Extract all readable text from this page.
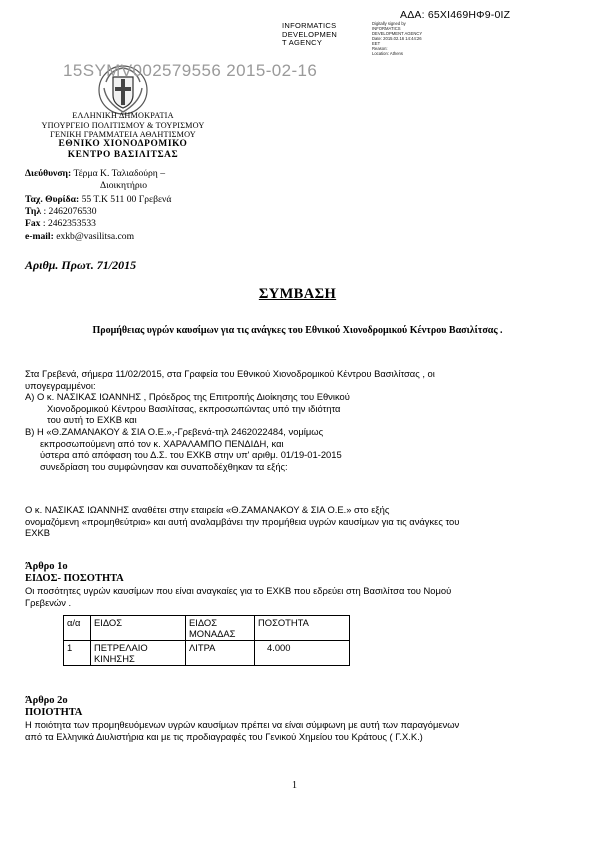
ΑΔΑ: 65ΧΙ469ΗΦ9-0ΙΖ
INFORMATICS
DEVELOPMEN
T AGENCY
Digitally signed by
INFORMATICS
DEVELOPMENT AGENCY
Date: 2015.02.16 14:44:26
EET
Reason:
Location: Athens
15SYMV002579556 2015-02-16
ΕΛΛΗΝΙΚΗ ΔΗΜΟΚΡΑΤΙΑ
ΥΠΟΥΡΓΕΙΟ ΠΟΛΙΤΙΣΜΟΥ & ΤΟΥΡΙΣΜΟΥ
ΓΕΝΙΚΗ ΓΡΑΜΜΑΤΕΙΑ ΑΘΛΗΤΙΣΜΟΥ
ΕΘΝΙΚΟ ΧΙΟΝΟΔΡΟΜΙΚΟ
ΚΕΝΤΡΟ ΒΑΣΙΛΙΤΣΑΣ
Διεύθυνση: Τέρμα Κ. Ταλιαδούρη –
Διοικητήριο
Ταχ. Θυρίδα: 55 Τ.Κ 511 00 Γρεβενά
Τηλ : 2462076530
Fax : 2462353533
e-mail: exkb@vasilitsa.com
Αριθμ. Πρωτ. 71/2015
ΣΥΜΒΑΣΗ
Προμήθειας υγρών καυσίμων για τις ανάγκες του Εθνικού Χιονοδρομικού Κέντρου Βασιλίτσας .
Στα Γρεβενά, σήμερα 11/02/2015, στα Γραφεία του Εθνικού Χιονοδρομικού Κέντρου Βασιλίτσας , οι
υπογεγραμμένοι:
Α) Ο κ. ΝΑΣΙΚΑΣ ΙΩΑΝΝΗΣ , Πρόεδρος της Επιτροπής Διοίκησης του Εθνικού
Χιονοδρομικού Κέντρου Βασιλίτσας, εκπροσωπώντας υπό την ιδιότητα
του αυτή το ΕΧΚΒ και
Β) Η «Θ.ΖΑΜΑΝΑΚΟΥ & ΣΙΑ Ο.Ε.»,-Γρεβενά-τηλ 2462022484, νομίμως
εκπροσωπούμενη από τον κ. ΧΑΡΑΛΑΜΠΟ ΠΕΝΔΙΔΗ, και
ύστερα από απόφαση του Δ.Σ. του ΕΧΚΒ στην υπ' αριθμ. 01/19-01-2015
συνεδρίαση του συμφώνησαν και συναποδέχθηκαν τα εξής:
Ο κ. ΝΑΣΙΚΑΣ ΙΩΑΝΝΗΣ αναθέτει στην εταιρεία «Θ.ΖΑΜΑΝΑΚΟΥ & ΣΙΑ Ο.Ε.» στο εξής
ονομαζόμενη «προμηθεύτρια» και αυτή αναλαμβάνει την προμήθεια υγρών καυσίμων για τις ανάγκες του
ΕΧΚΒ
Άρθρο 1ο
ΕΙΔΟΣ- ΠΟΣΟΤΗΤΑ
Οι ποσότητες υγρών καυσίμων που είναι αναγκαίες για το ΕΧΚΒ που εδρεύει στη Βασιλίτσα του Νομού
Γρεβενών .
α/α	ΕΙΔΟΣ	ΕΙΔΟΣ ΜΟΝΑΔΑΣ	ΠΟΣΟΤΗΤΑ
1	ΠΕΤΡΕΛΑΙΟ ΚΙΝΗΣΗΣ	ΛΙΤΡΑ	4.000
Άρθρο 2ο
ΠΟΙΟΤΗΤΑ
Η ποιότητα των προμηθευόμενων υγρών καυσίμων πρέπει να είναι σύμφωνη με αυτή των παραγόμενων
από τα Ελληνικά Διυλιστήρια και με τις προδιαγραφές του Γενικού Χημείου του Κράτους ( Γ.Χ.Κ.)
1
